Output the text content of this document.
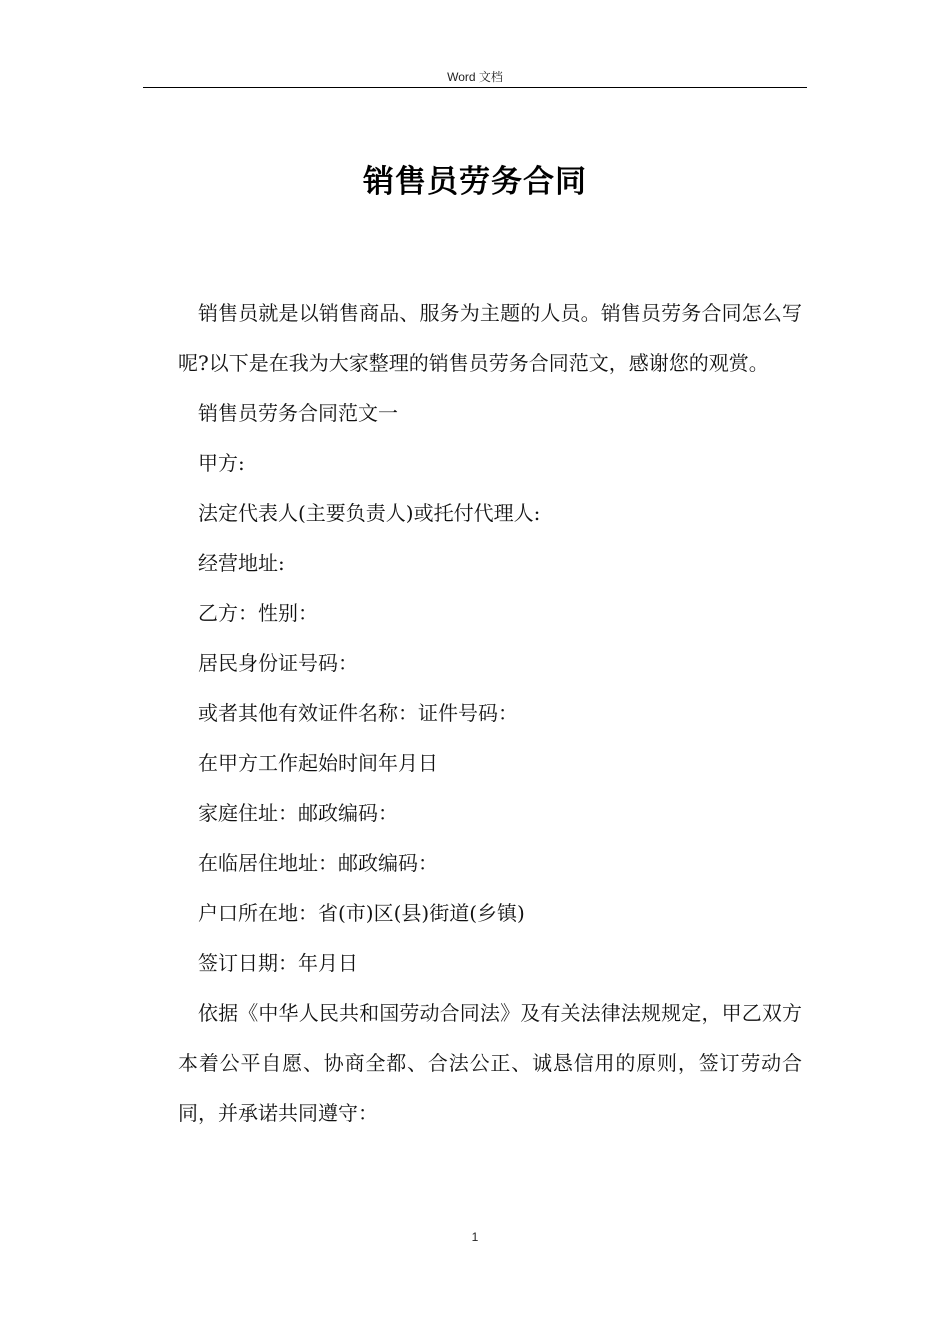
Word 文档
销售员劳务合同

销售员就是以销售商品、服务为主题的人员。销售员劳务合同怎么写呢?以下是在我为大家整理的销售员劳务合同范文，感谢您的观赏。

销售员劳务合同范文一

甲方:

法定代表人(主要负责人)或托付代理人:

经营地址:

乙方：性别：

居民身份证号码：

或者其他有效证件名称：证件号码：

在甲方工作起始时间年月日

家庭住址：邮政编码：

在临居住地址：邮政编码：

户口所在地：省(市)区(县)街道(乡镇)

签订日期：年月日

依据《中华人民共和国劳动合同法》及有关法律法规规定，甲乙双方本着公平自愿、协商全都、合法公正、诚恳信用的原则，签订劳动合同，并承诺共同遵守：

1
